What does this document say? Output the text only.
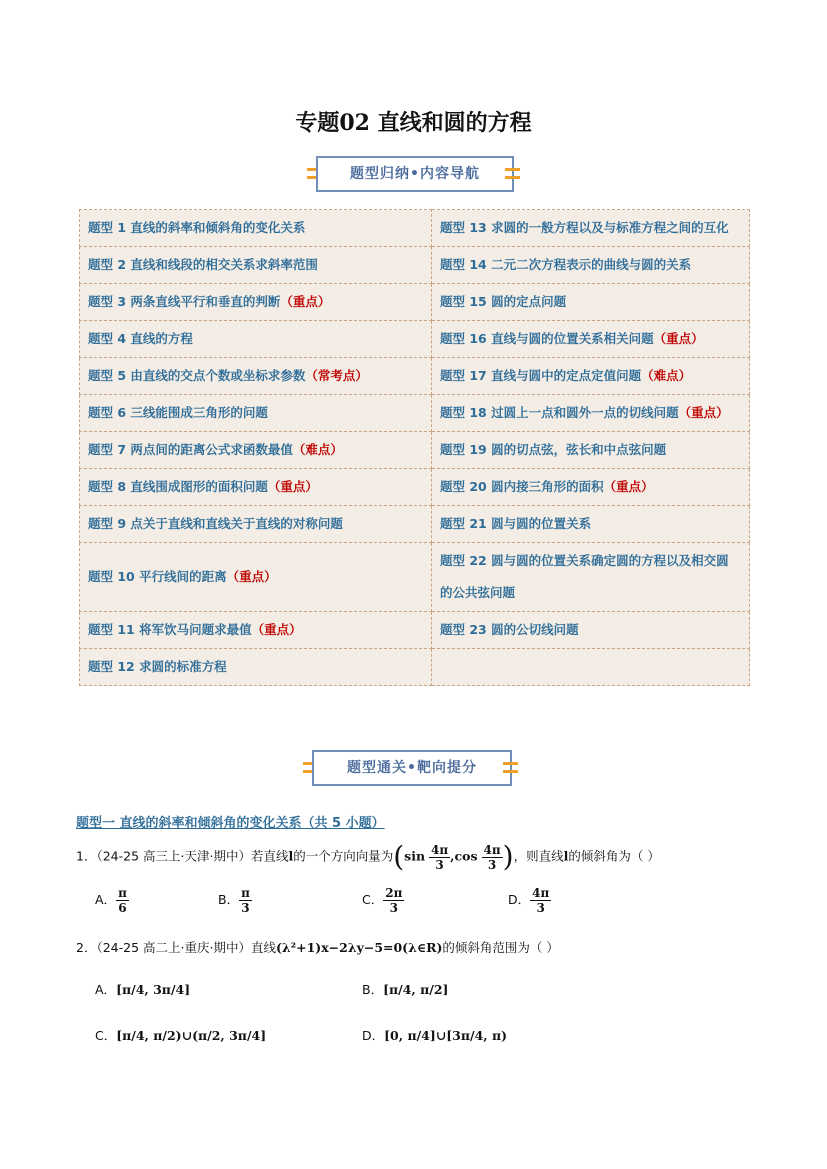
专题02 直线和圆的方程
题型归纳•内容导航
题型 1 直线的斜率和倾斜角的变化关系	题型 13 求圆的一般方程以及与标准方程之间的互化
题型 2 直线和线段的相交关系求斜率范围	题型 14 二元二次方程表示的曲线与圆的关系
题型 3 两条直线平行和垂直的判断（重点）	题型 15 圆的定点问题
题型 4 直线的方程	题型 16 直线与圆的位置关系相关问题（重点）
题型 5 由直线的交点个数或坐标求参数（常考点）	题型 17 直线与圆中的定点定值问题（难点）
题型 6 三线能围成三角形的问题	题型 18 过圆上一点和圆外一点的切线问题（重点）
题型 7 两点间的距离公式求函数最值（难点）	题型 19 圆的切点弦，弦长和中点弦问题
题型 8 直线围成图形的面积问题（重点）	题型 20 圆内接三角形的面积（重点）
题型 9 点关于直线和直线关于直线的对称问题	题型 21 圆与圆的位置关系
题型 10 平行线间的距离（重点）	题型 22 圆与圆的位置关系确定圆的方程以及相交圆的公共弦问题
题型 11 将军饮马问题求最值（重点）	题型 23 圆的公切线问题
题型 12 求圆的标准方程	
题型通关•靶向提分
题型一 直线的斜率和倾斜角的变化关系（共 5 小题）
1．（24-25 高三上·天津·期中）若直线l的一个方向向量为($\sin \frac{4\pi}{3} ,\cos \frac{4\pi}{3}$ )，则直线l的倾斜角为（ ）
A． $\frac{\pi}{6}$	B． $\frac{\pi}{3}$	C． $\frac{2\pi}{3}$	D． $\frac{4\pi}{3}$
2．（24-25 高二上·重庆·期中）直线(λ²+1)x−2λy−5=0(λ∈R)的倾斜角范围为（ ）
A．[π/4, 3π/4]	B．[π/4, π/2]
C．[π/4, π/2)∪(π/2, 3π/4]	D．[0, π/4]∪[3π/4, π)
